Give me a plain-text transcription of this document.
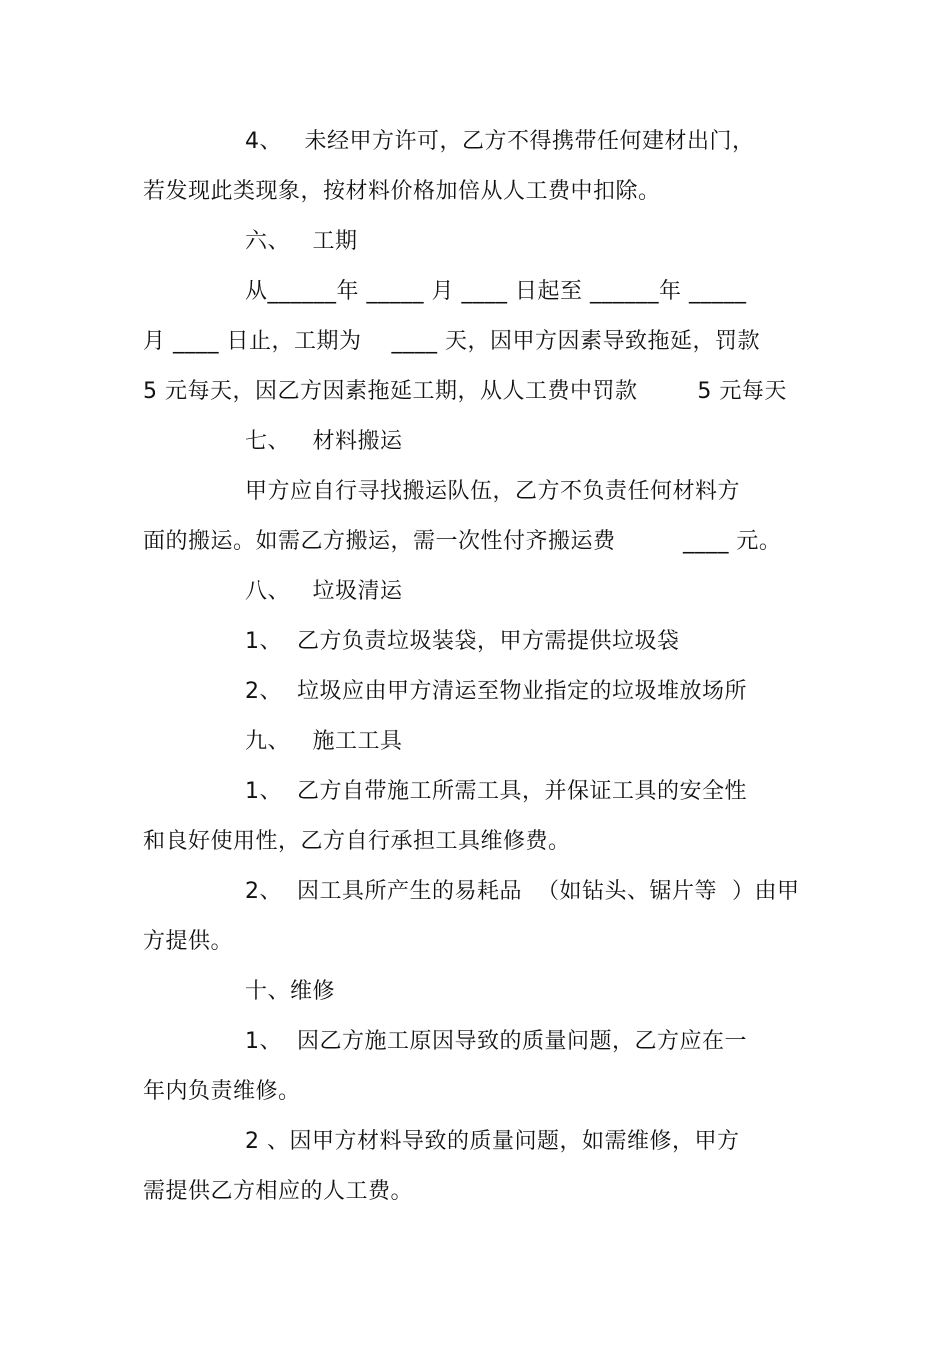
4、   未经甲方许可，乙方不得携带任何建材出门，
若发现此类现象，按材料价格加倍从人工费中扣除。
六、   工期
从______年 _____ 月 ____ 日起至 ______年 _____
月 ____ 日止，工期为    ____ 天，因甲方因素导致拖延，罚款
5 元每天，因乙方因素拖延工期，从人工费中罚款        5 元每天
七、   材料搬运
甲方应自行寻找搬运队伍，乙方不负责任何材料方
面的搬运。如需乙方搬运，需一次性付齐搬运费         ____ 元。
八、   垃圾清运
1、  乙方负责垃圾装袋，甲方需提供垃圾袋
2、  垃圾应由甲方清运至物业指定的垃圾堆放场所
九、   施工工具
1、  乙方自带施工所需工具，并保证工具的安全性
和良好使用性，乙方自行承担工具维修费。
2、  因工具所产生的易耗品  （如钻头、锯片等  ）由甲
方提供。
十、维修
1、  因乙方施工原因导致的质量问题，乙方应在一
年内负责维修。
2 、因甲方材料导致的质量问题，如需维修，甲方
需提供乙方相应的人工费。
